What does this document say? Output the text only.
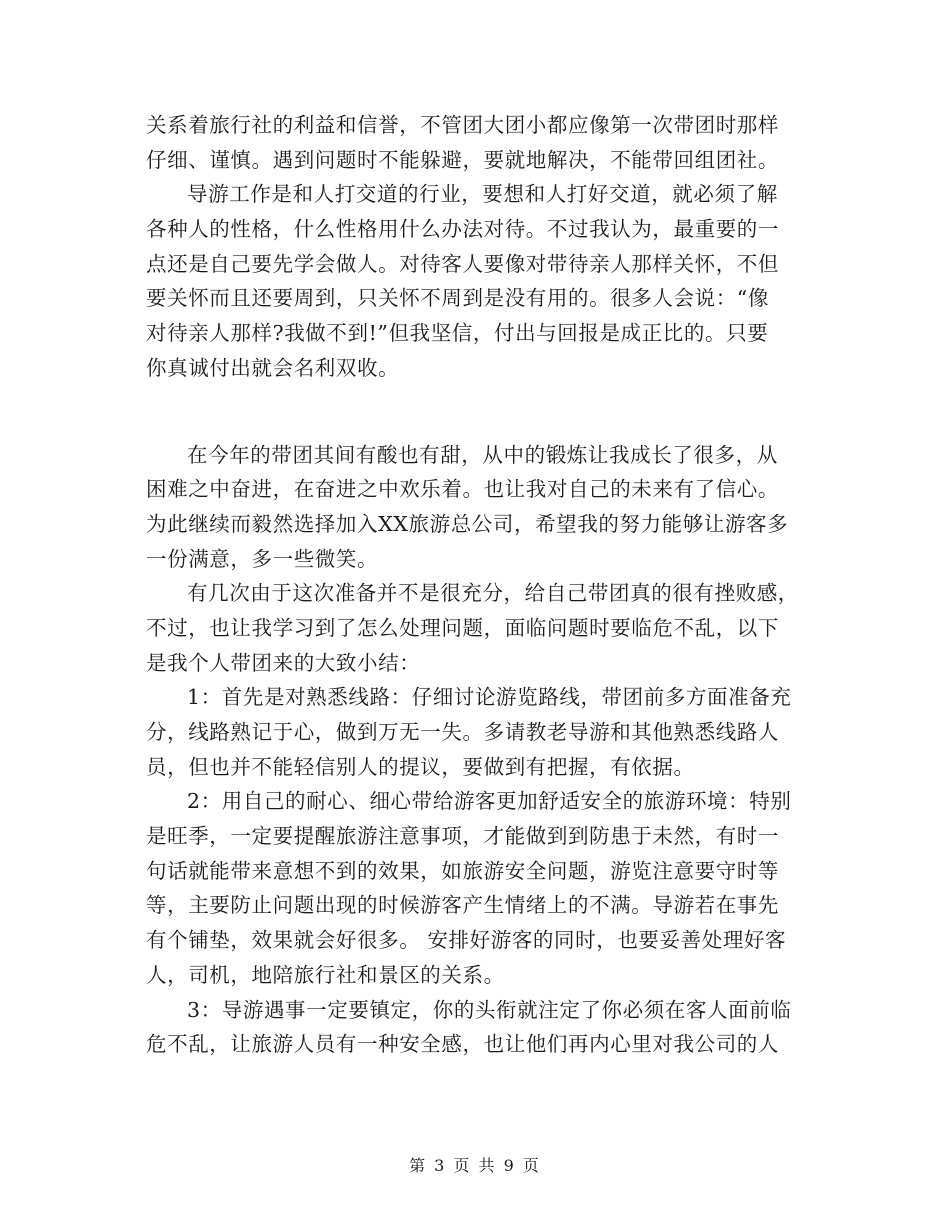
关系着旅行社的利益和信誉，不管团大团小都应像第一次带团时那样
仔细、谨慎。遇到问题时不能躲避，要就地解决，不能带回组团社。
导游工作是和人打交道的行业，要想和人打好交道，就必须了解
各种人的性格，什么性格用什么办法对待。不过我认为，最重要的一
点还是自己要先学会做人。对待客人要像对带待亲人那样关怀，不但
要关怀而且还要周到，只关怀不周到是没有用的。很多人会说：“像
对待亲人那样?我做不到!”但我坚信，付出与回报是成正比的。只要
你真诚付出就会名利双收。
在今年的带团其间有酸也有甜，从中的锻炼让我成长了很多，从
困难之中奋进，在奋进之中欢乐着。也让我对自己的未来有了信心。
为此继续而毅然选择加入XX旅游总公司，希望我的努力能够让游客多
一份满意，多一些微笑。
有几次由于这次准备并不是很充分，给自己带团真的很有挫败感，
不过，也让我学习到了怎么处理问题，面临问题时要临危不乱，以下
是我个人带团来的大致小结：
1：首先是对熟悉线路：仔细讨论游览路线，带团前多方面准备充
分，线路熟记于心，做到万无一失。多请教老导游和其他熟悉线路人
员，但也并不能轻信别人的提议，要做到有把握，有依据。
2：用自己的耐心、细心带给游客更加舒适安全的旅游环境：特别
是旺季，一定要提醒旅游注意事项，才能做到到防患于未然，有时一
句话就能带来意想不到的效果，如旅游安全问题，游览注意要守时等
等，主要防止问题出现的时候游客产生情绪上的不满。导游若在事先
有个铺垫，效果就会好很多。 安排好游客的同时，也要妥善处理好客
人，司机，地陪旅行社和景区的关系。
3：导游遇事一定要镇定，你的头衔就注定了你必须在客人面前临
危不乱，让旅游人员有一种安全感，也让他们再内心里对我公司的人
第 3 页 共 9 页
